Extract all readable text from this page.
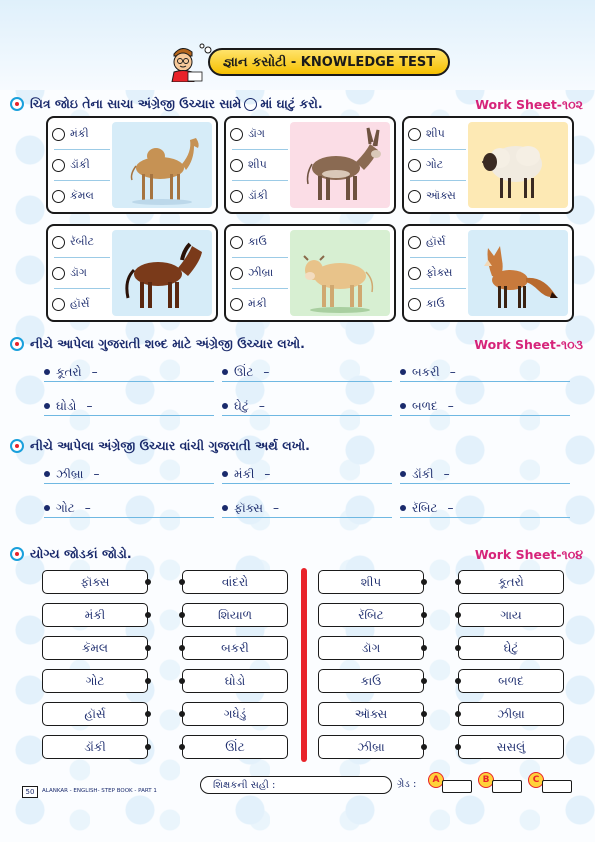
જ્ઞાન કસોટી - KNOWLEDGE TEST
ચિત્ર જોઇ તેના સાચા અંગ્રેજી ઉચ્ચાર સામે માં ઘાટું કરો.	Work Sheet-૧૦૨
મંકી
ડૉંકી
કૅમલ
ડૉગ
શીપ
ડૉંકી
શીપ
ગોટ
ઑક્સ
રૅબીટ
ડૉગ
હૉર્સ
કાઉ
ઝીબ્રા
મંકી
હૉર્સ
ફોક્સ
કાઉ
નીચે આપેલા ગુજરાતી શબ્દ માટે અંગ્રેજી ઉચ્ચાર લખો.	Work Sheet-૧૦૩
કૂતરો –	ઊંટ –	બકરી –
ઘોડો –	ઘેટું –	બળદ –
નીચે આપેલા અંગ્રેજી ઉચ્ચાર વાંચી ગુજરાતી અર્થ લખો.
ઝીબ્રા –	મંકી –	ડૉંકી –
ગોટ –	ફૉક્સ –	રૅબિટ –
યોગ્ય જોડકાં જોડો.	Work Sheet-૧૦૪
ફૉક્સ
મંકી
કૅમલ
ગોટ
હૉર્સ
ડૉંકી
વાંદરો
શિયાળ
બકરી
ઘોડો
ગધેડું
ઊંટ
શીપ
રૅબિટ
ડૉગ
કાઉ
ઑક્સ
ઝીબ્રા
કૂતરો
ગાય
ઘેટું
બળદ
ઝીબ્રા
સસલું
50	ALANKAR - ENGLISH- STEP BOOK - PART 1
શિક્ષકની સહી :	ગ્રેડ :	A	B	C
